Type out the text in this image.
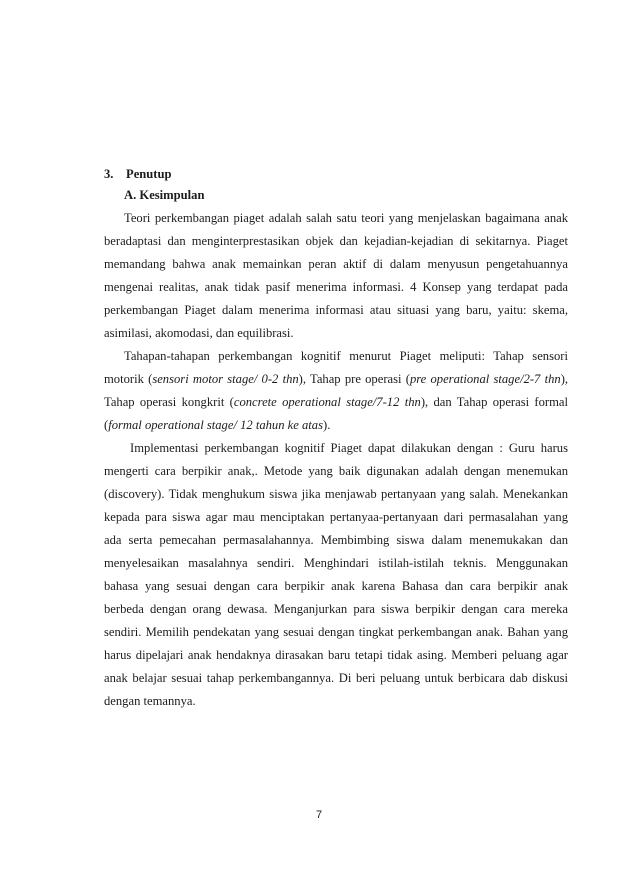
3. Penutup
A. Kesimpulan
Teori perkembangan piaget adalah salah satu teori yang menjelaskan bagaimana anak
beradaptasi dan menginterprestasikan objek dan kejadian-kejadian di sekitarnya. Piaget
memandang bahwa anak memainkan peran aktif di dalam menyusun pengetahuannya
mengenai realitas, anak tidak pasif menerima informasi. 4 Konsep yang terdapat pada
perkembangan Piaget dalam menerima informasi atau situasi yang baru, yaitu: skema,
asimilasi, akomodasi, dan equilibrasi.
Tahapan-tahapan perkembangan kognitif menurut Piaget meliputi: Tahap sensori
motorik (sensori motor stage/ 0-2 thn), Tahap pre operasi (pre operational stage/2-7 thn),
Tahap operasi kongkrit (concrete operational stage/7-12 thn), dan Tahap operasi formal
(formal operational stage/ 12 tahun ke atas).
Implementasi perkembangan kognitif Piaget dapat dilakukan dengan : Guru harus
mengerti cara berpikir anak,. Metode yang baik digunakan adalah dengan menemukan
(discovery). Tidak menghukum siswa jika menjawab pertanyaan yang salah. Menekankan
kepada para siswa agar mau menciptakan pertanyaa-pertanyaan dari permasalahan yang
ada serta pemecahan permasalahannya. Membimbing siswa dalam menemukakan dan
menyelesaikan masalahnya sendiri. Menghindari istilah-istilah teknis. Menggunakan
bahasa yang sesuai dengan cara berpikir anak karena Bahasa dan cara berpikir anak
berbeda dengan orang dewasa. Menganjurkan para siswa berpikir dengan cara mereka
sendiri. Memilih pendekatan yang sesuai dengan tingkat perkembangan anak. Bahan yang
harus dipelajari anak hendaknya dirasakan baru tetapi tidak asing. Memberi peluang agar
anak belajar sesuai tahap perkembangannya. Di beri peluang untuk berbicara dab diskusi
dengan temannya.
7
